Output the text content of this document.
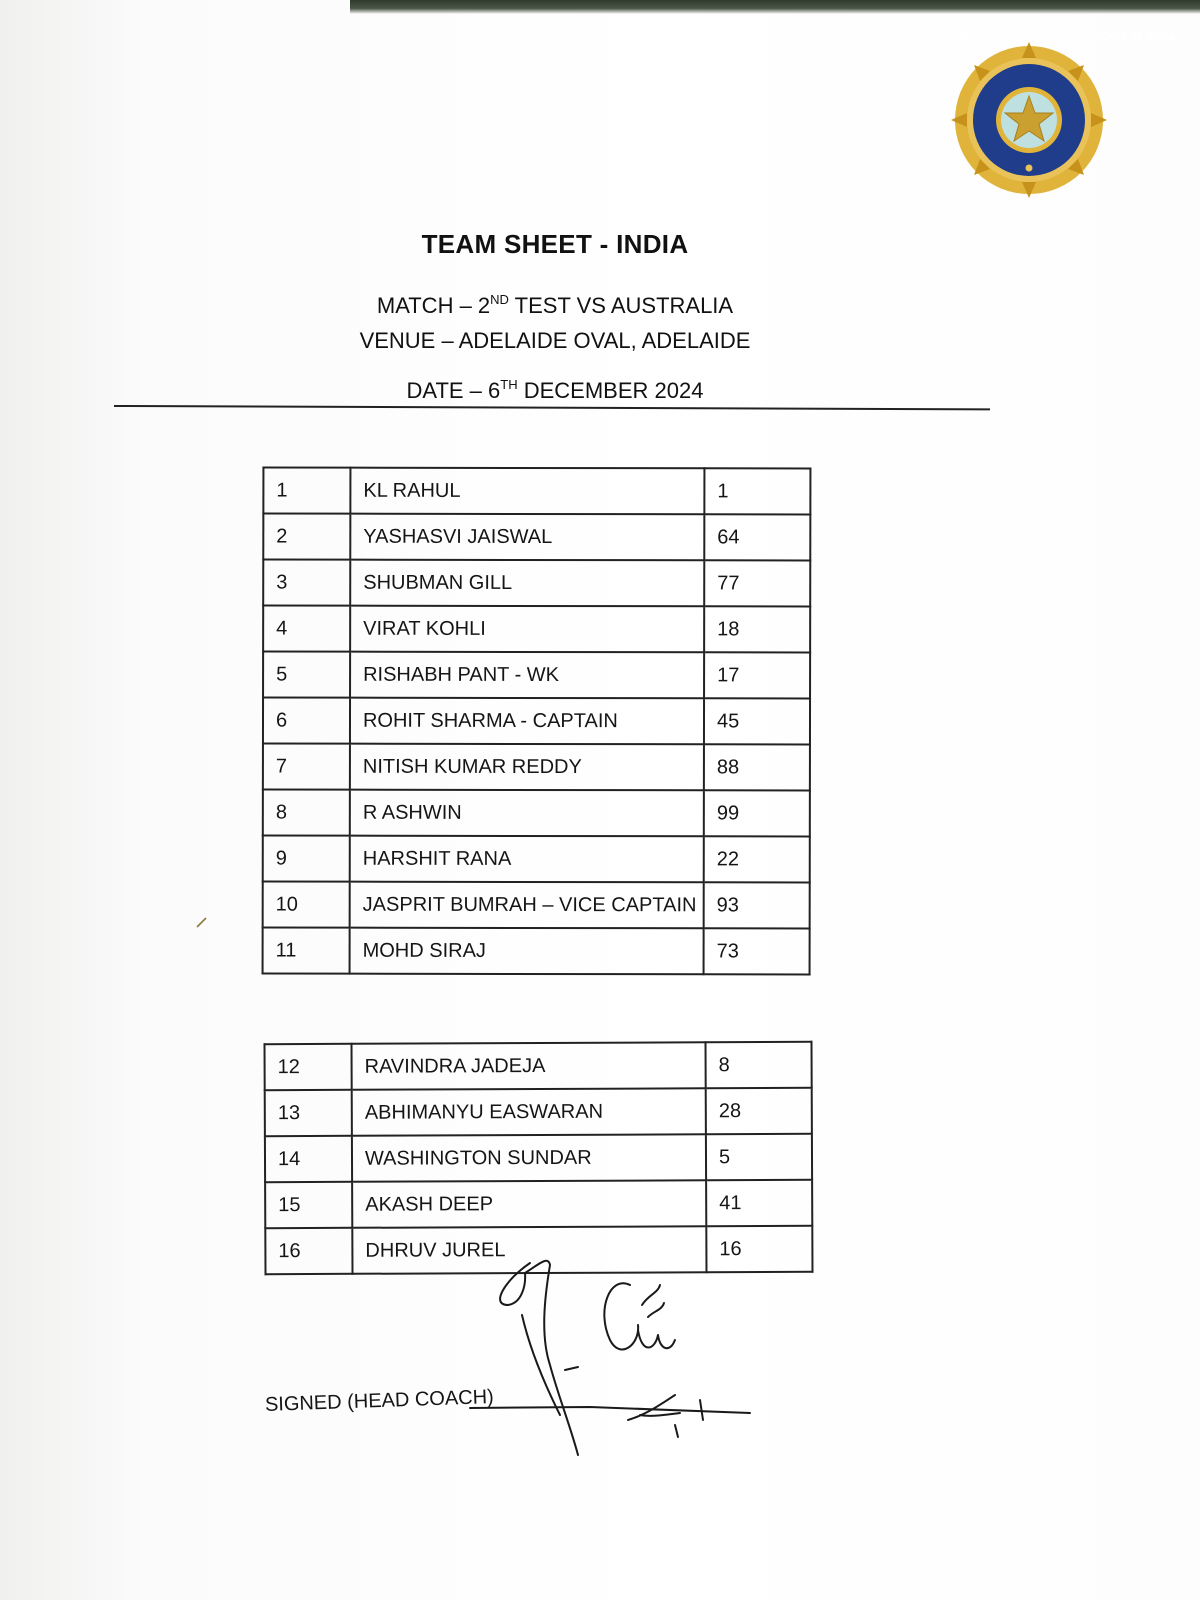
BOARD OF CONTROL FOR CRICKET IN INDIA
TEAM SHEET - INDIA
MATCH – 2ND TEST VS AUSTRALIA
VENUE – ADELAIDE OVAL, ADELAIDE
DATE – 6TH DECEMBER 2024
1	KL RAHUL	1
2	YASHASVI JAISWAL	64
3	SHUBMAN GILL	77
4	VIRAT KOHLI	18
5	RISHABH PANT - WK	17
6	ROHIT SHARMA - CAPTAIN	45
7	NITISH KUMAR REDDY	88
8	R ASHWIN	99
9	HARSHIT RANA	22
10	JASPRIT BUMRAH – VICE CAPTAIN	93
11	MOHD SIRAJ	73
12	RAVINDRA JADEJA	8
13	ABHIMANYU EASWARAN	28
14	WASHINGTON SUNDAR	5
15	AKASH DEEP	41
16	DHRUV JUREL	16
SIGNED (HEAD COACH)
